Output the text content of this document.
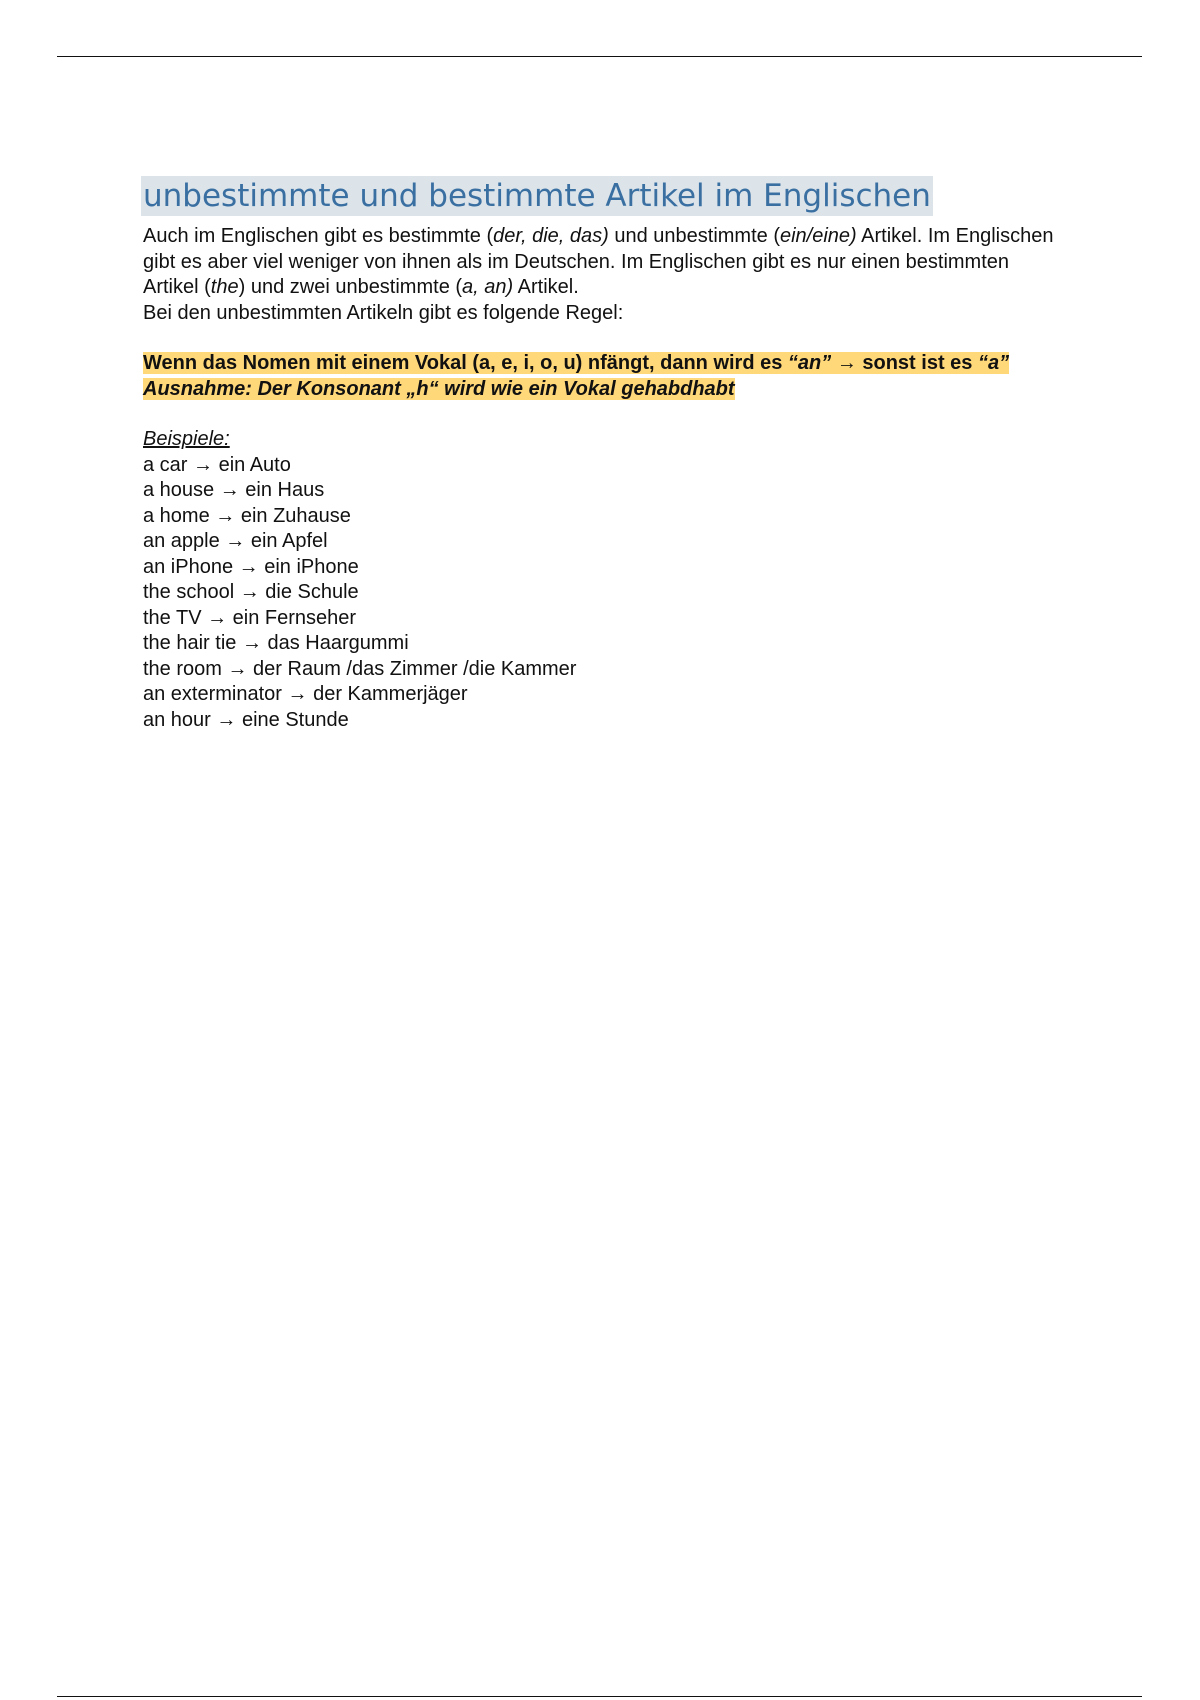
unbestimmte und bestimmte Artikel im Englischen

Auch im Englischen gibt es bestimmte (der, die, das) und unbestimmte (ein/eine) Artikel. Im Englischen gibt es aber viel weniger von ihnen als im Deutschen. Im Englischen gibt es nur einen bestimmten Artikel (the) und zwei unbestimmte (a, an) Artikel.

Bei den unbestimmten Artikeln gibt es folgende Regel:

Wenn das Nomen mit einem Vokal (a, e, i, o, u) nfängt, dann wird es “an” → sonst ist es “a”

Ausnahme: Der Konsonant „h“ wird wie ein Vokal gehabdhabt

Beispiele:

a car → ein Auto
a house → ein Haus
a home → ein Zuhause
an apple → ein Apfel
an iPhone → ein iPhone
the school → die Schule
the TV → ein Fernseher
the hair tie → das Haargummi
the room → der Raum /das Zimmer /die Kammer
an exterminator → der Kammerjäger
an hour → eine Stunde
